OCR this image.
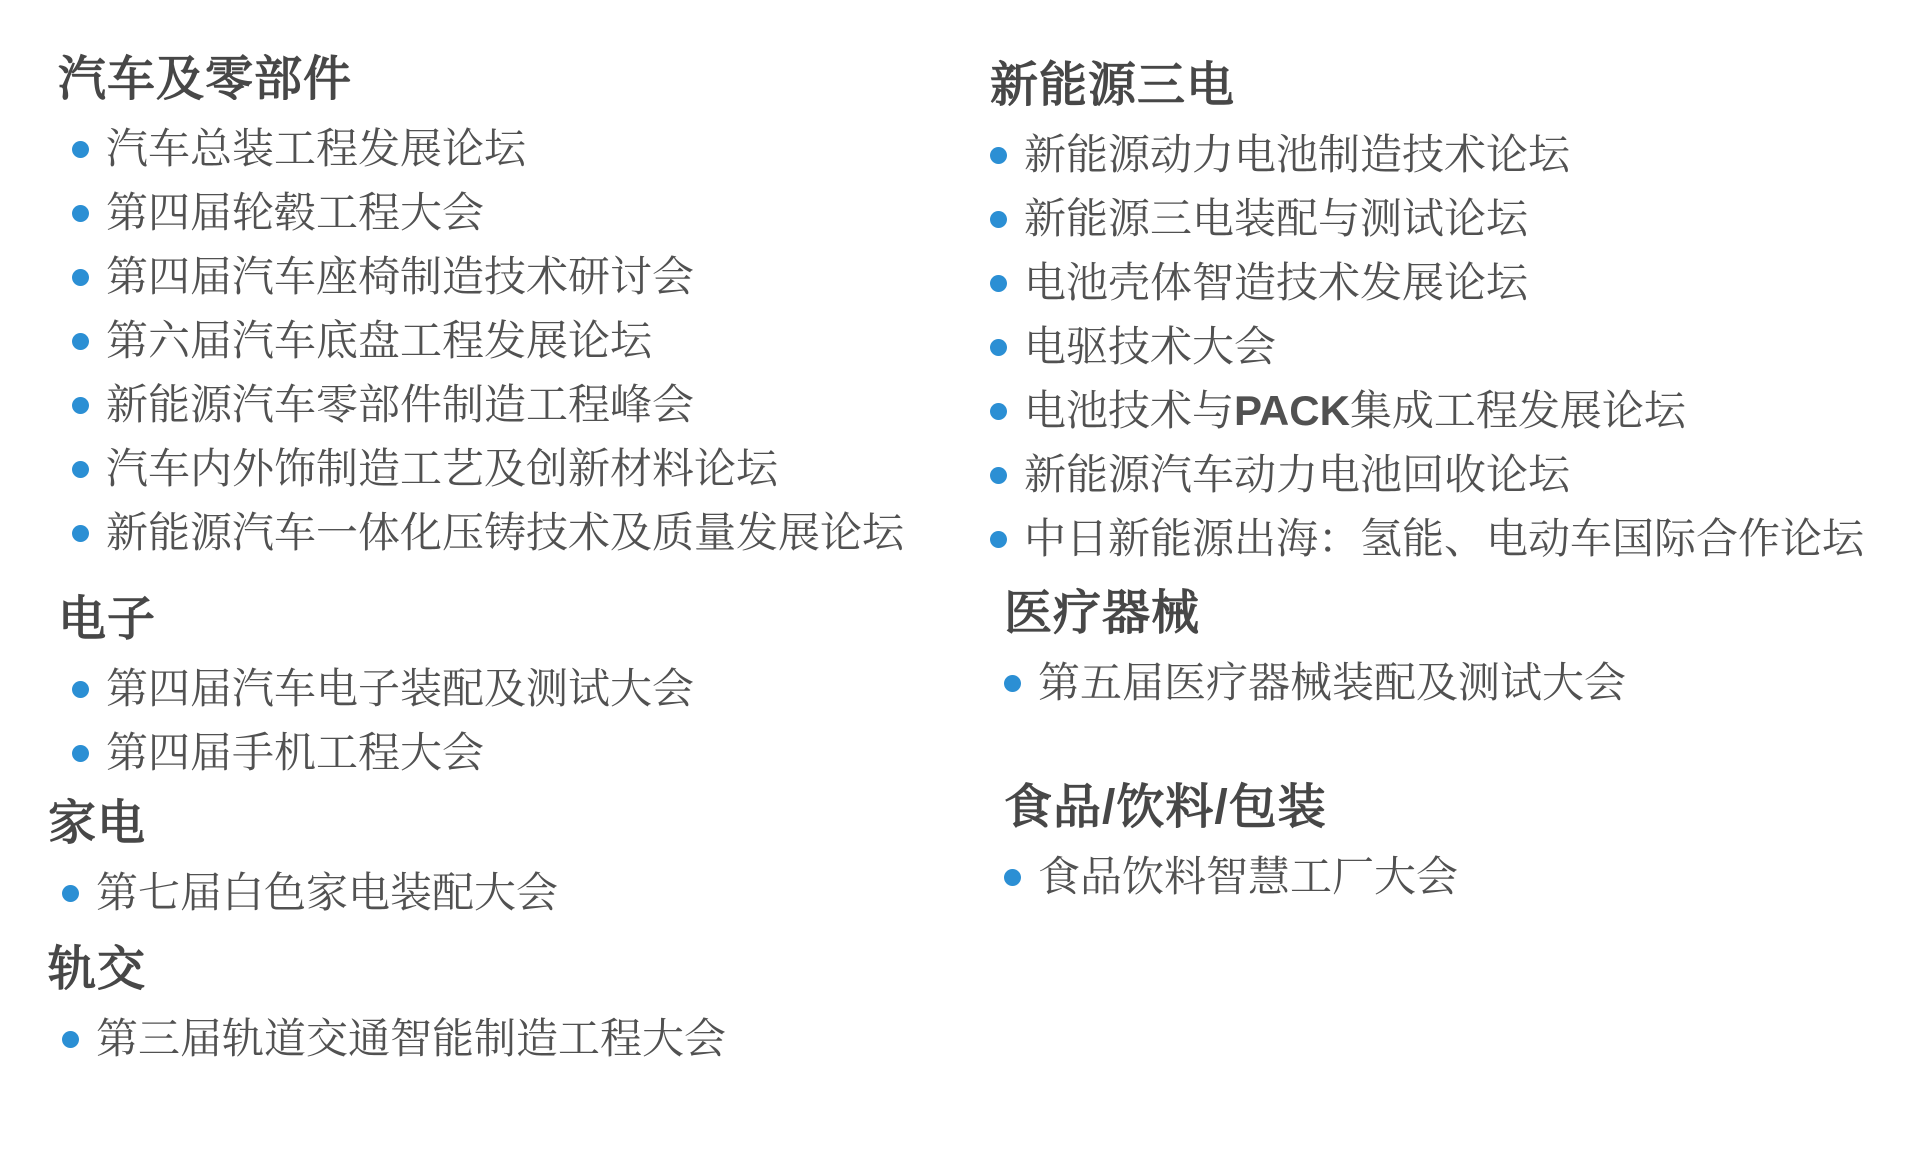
汽车及零部件
汽车总装工程发展论坛
第四届轮毂工程大会
第四届汽车座椅制造技术研讨会
第六届汽车底盘工程发展论坛
新能源汽车零部件制造工程峰会
汽车内外饰制造工艺及创新材料论坛
新能源汽车一体化压铸技术及质量发展论坛
电子
第四届汽车电子装配及测试大会
第四届手机工程大会
家电
第七届白色家电装配大会
轨交
第三届轨道交通智能制造工程大会
新能源三电
新能源动力电池制造技术论坛
新能源三电装配与测试论坛
电池壳体智造技术发展论坛
电驱技术大会
电池技术与PACK集成工程发展论坛
新能源汽车动力电池回收论坛
中日新能源出海：氢能、电动车国际合作论坛
医疗器械
第五届医疗器械装配及测试大会
食品/饮料/包装
食品饮料智慧工厂大会
